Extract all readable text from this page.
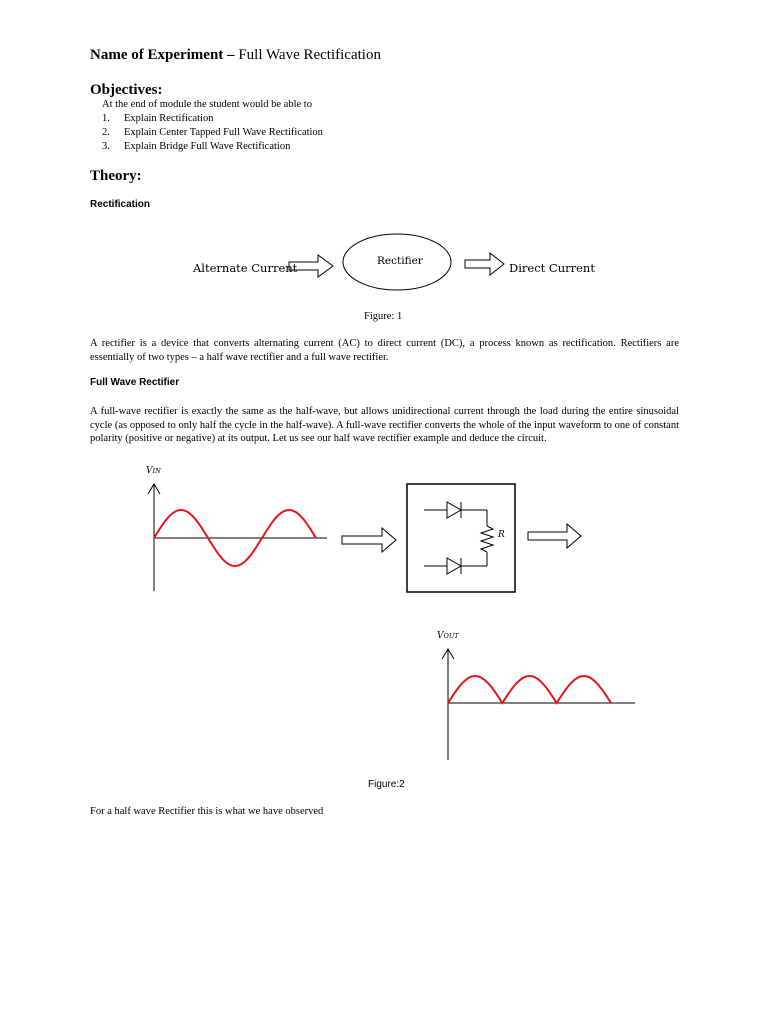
Name of Experiment – Full Wave Rectification
Objectives:
At the end of module the student would be able to
1. Explain Rectification
2. Explain Center Tapped Full Wave Rectification
3. Explain Bridge Full Wave Rectification
Theory:
Rectification
Alternate Current	Rectifier	Direct Current
Figure: 1
A rectifier is a device that converts alternating current (AC) to direct current (DC), a process known as rectification. Rectifiers are essentially of two types – a half wave rectifier and a full wave rectifier.
Full Wave Rectifier
A full-wave rectifier is exactly the same as the half-wave, but allows unidirectional current through the load during the entire sinusoidal cycle (as opposed to only half the cycle in the half-wave). A full-wave rectifier converts the whole of the input waveform to one of constant polarity (positive or negative) at its output. Let us see our half wave rectifier example and deduce the circuit.
VIN
R
VOUT
Figure:2
For a half wave Rectifier this is what we have observed
